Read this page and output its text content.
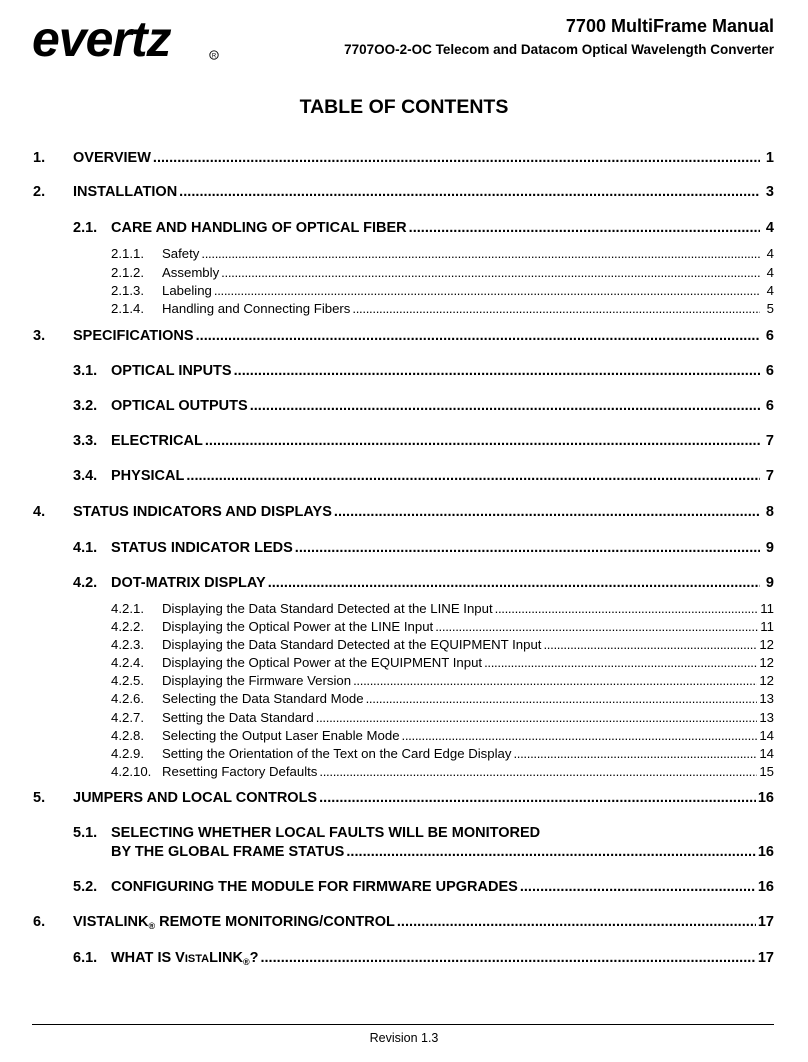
evertz	R
7700 MultiFrame Manual
7707OO-2-OC Telecom and Datacom Optical Wavelength Converter
TABLE OF CONTENTS
1.	OVERVIEW . . .	1
2.	INSTALLATION . . .	3
2.1. CARE AND HANDLING OF OPTICAL FIBER . . .	4
2.1.1.	Safety . . .	4
2.1.2.	Assembly . . .	4
2.1.3.	Labeling . . .	4
2.1.4.	Handling and Connecting Fibers . . .	5
3.	SPECIFICATIONS . . .	6
3.1. OPTICAL INPUTS . . .	6
3.2. OPTICAL OUTPUTS . . .	6
3.3. ELECTRICAL . . .	7
3.4. PHYSICAL . . .	7
4.	STATUS INDICATORS AND DISPLAYS . . .	8
4.1. STATUS INDICATOR LEDS . . .	9
4.2. DOT-MATRIX DISPLAY . . .	9
4.2.1.	Displaying the Data Standard Detected at the LINE Input . . .	11
4.2.2.	Displaying the Optical Power at the LINE Input . . .	11
4.2.3.	Displaying the Data Standard Detected at the EQUIPMENT Input . . .	12
4.2.4.	Displaying the Optical Power at the EQUIPMENT Input . . .	12
4.2.5.	Displaying the Firmware Version . . .	12
4.2.6.	Selecting the Data Standard Mode . . .	13
4.2.7.	Setting the Data Standard . . .	13
4.2.8.	Selecting the Output Laser Enable Mode . . .	14
4.2.9.	Setting the Orientation of the Text on the Card Edge Display . . .	14
4.2.10. Resetting Factory Defaults . . .	15
5.	JUMPERS AND LOCAL CONTROLS . . .	16
5.1. SELECTING WHETHER LOCAL FAULTS WILL BE MONITORED
BY THE GLOBAL FRAME STATUS . . .	16
5.2. CONFIGURING THE MODULE FOR FIRMWARE UPGRADES . . .	16
6.	$VISTALINK_®$ REMOTE MONITORING/CONTROL . . .	17
6.1. WHAT IS $VISTALINK_®$? . . .	17
Revision 1.3
